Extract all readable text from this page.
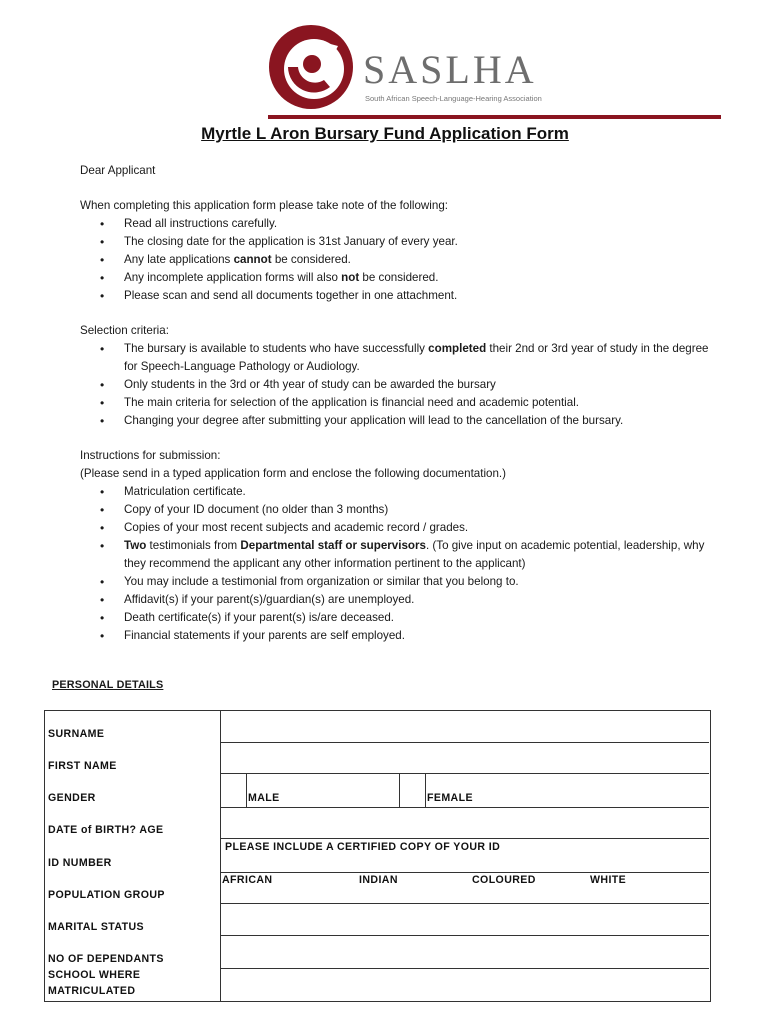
SASLHA
South African Speech-Language-Hearing Association
Myrtle L Aron Bursary Fund Application Form
Dear Applicant

When completing this application form please take note of the following:

• Read all instructions carefully.
• The closing date for the application is 31st January of every year.
• Any late applications cannot be considered.
• Any incomplete application forms will also not be considered.
• Please scan and send all documents together in one attachment.

Selection criteria:

• The bursary is available to students who have successfully completed their 2nd or 3rd year of study in the degree for Speech-Language Pathology or Audiology.
• Only students in the 3rd or 4th year of study can be awarded the bursary
• The main criteria for selection of the application is financial need and academic potential.
• Changing your degree after submitting your application will lead to the cancellation of the bursary.

Instructions for submission:

(Please send in a typed application form and enclose the following documentation.)

• Matriculation certificate.
• Copy of your ID document (no older than 3 months)
• Copies of your most recent subjects and academic record / grades.
• Two testimonials from Departmental staff or supervisors. (To give input on academic potential, leadership, why they recommend the applicant any other information pertinent to the applicant)
• You may include a testimonial from organization or similar that you belong to.
• Affidavit(s) if your parent(s)/guardian(s) are unemployed.
• Death certificate(s) if your parent(s) is/are deceased.
• Financial statements if your parents are self employed.
PERSONAL DETAILS
SURNAME
FIRST NAME
GENDER	MALE	FEMALE
DATE of BIRTH? AGE
PLEASE INCLUDE A CERTIFIED COPY OF YOUR ID
ID NUMBER
AFRICAN	INDIAN	COLOURED	WHITE
POPULATION GROUP
MARITAL STATUS
NO OF DEPENDANTS
SCHOOL WHERE
MATRICULATED
